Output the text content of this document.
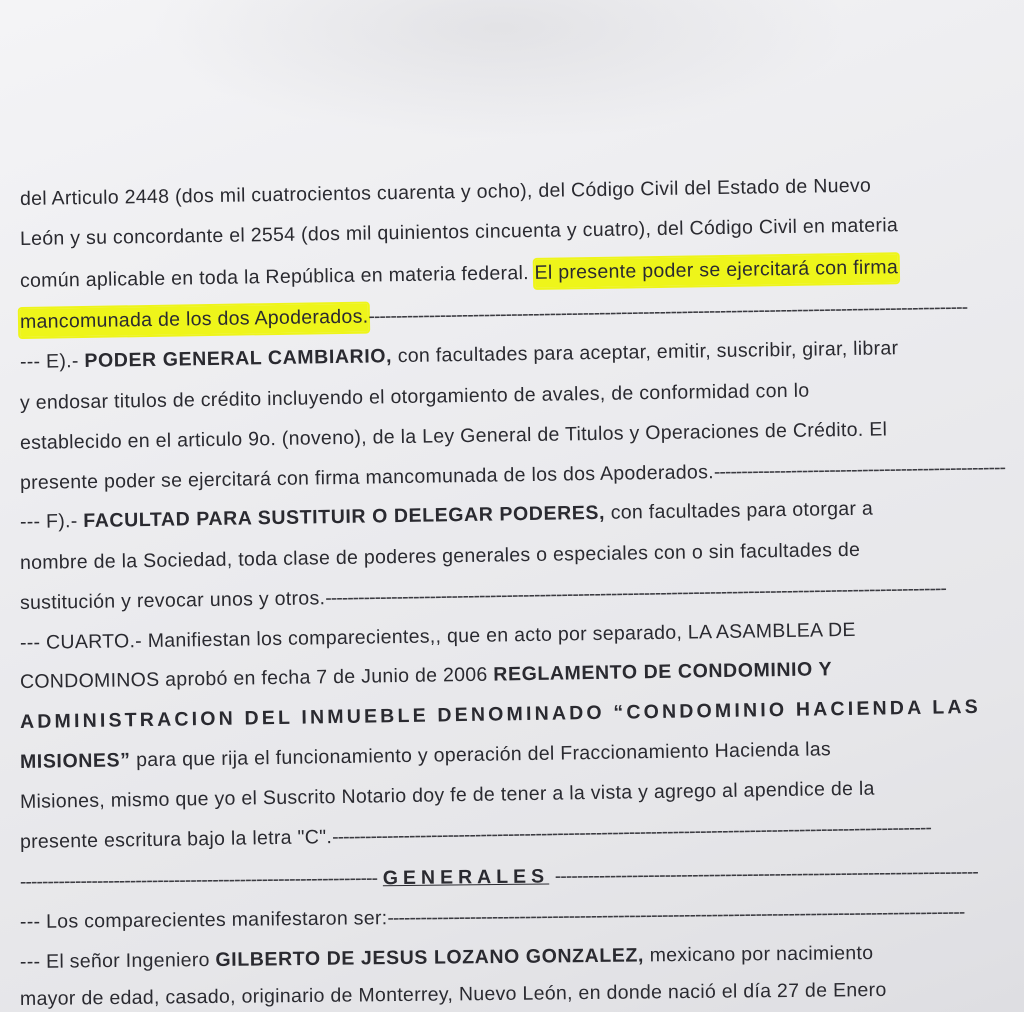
del Articulo 2448 (dos mil cuatrocientos cuarenta y ocho), del Código Civil del Estado de Nuevo
León y su concordante el 2554 (dos mil quinientos cincuenta y cuatro), del Código Civil en materia
común aplicable en toda la República en materia federal. El presente poder se ejercitará con firma
mancomunada de los dos Apoderados.-------------------------------------------------------------------------------------------------------------
--- E).- PODER GENERAL CAMBIARIO, con facultades para aceptar, emitir, suscribir, girar, librar
y endosar titulos de crédito incluyendo el otorgamiento de avales, de conformidad con lo
establecido en el articulo 9o. (noveno), de la Ley General de Titulos y Operaciones de Crédito. El
presente poder se ejercitará con firma mancomunada de los dos Apoderados.-----------------------------------------------------
--- F).- FACULTAD PARA SUSTITUIR O DELEGAR PODERES, con facultades para otorgar a
nombre de la Sociedad, toda clase de poderes generales o especiales con o sin facultades de
sustitución y revocar unos y otros.-----------------------------------------------------------------------------------------------------------------
--- CUARTO.- Manifiestan los comparecientes,, que en acto por separado, LA ASAMBLEA DE
CONDOMINOS aprobó en fecha 7 de Junio de 2006 REGLAMENTO DE CONDOMINIO Y
ADMINISTRACION DEL INMUEBLE DENOMINADO “CONDOMINIO HACIENDA LAS
MISIONES” para que rija el funcionamiento y operación del Fraccionamiento Hacienda las
Misiones, mismo que yo el Suscrito Notario doy fe de tener a la vista y agrego al apendice de la
presente escritura bajo la letra "C".-------------------------------------------------------------------------------------------------------------
----------------------------------------------------------------- GENERALES -----------------------------------------------------------------------------
--- Los comparecientes manifestaron ser:---------------------------------------------------------------------------------------------------------
--- El señor Ingeniero GILBERTO DE JESUS LOZANO GONZALEZ, mexicano por nacimiento
mayor de edad, casado, originario de Monterrey, Nuevo León, en donde nació el día 27 de Enero
